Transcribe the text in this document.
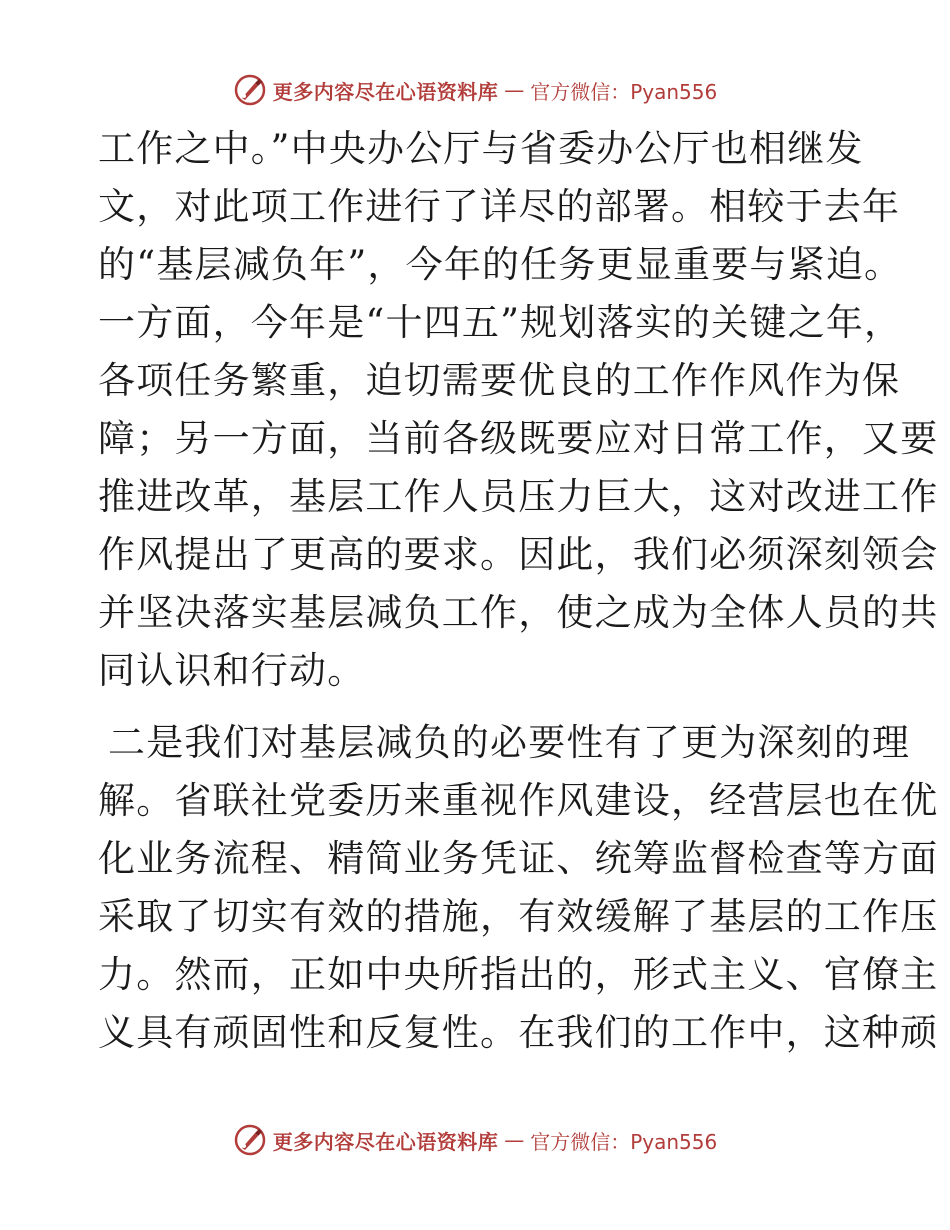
更多内容尽在心语资料库 — 官方微信：Pyan556
工作之中。”中央办公厅与省委办公厅也相继发
文，对此项工作进行了详尽的部署。相较于去年
的“基层减负年”，今年的任务更显重要与紧迫。
一方面，今年是“十四五”规划落实的关键之年，
各项任务繁重，迫切需要优良的工作作风作为保
障；另一方面，当前各级既要应对日常工作，又要
推进改革，基层工作人员压力巨大，这对改进工作
作风提出了更高的要求。因此，我们必须深刻领会
并坚决落实基层减负工作，使之成为全体人员的共
同认识和行动。
二是我们对基层减负的必要性有了更为深刻的理
解。省联社党委历来重视作风建设，经营层也在优
化业务流程、精简业务凭证、统筹监督检查等方面
采取了切实有效的措施，有效缓解了基层的工作压
力。然而，正如中央所指出的，形式主义、官僚主
义具有顽固性和反复性。在我们的工作中，这种顽
更多内容尽在心语资料库 — 官方微信：Pyan556
